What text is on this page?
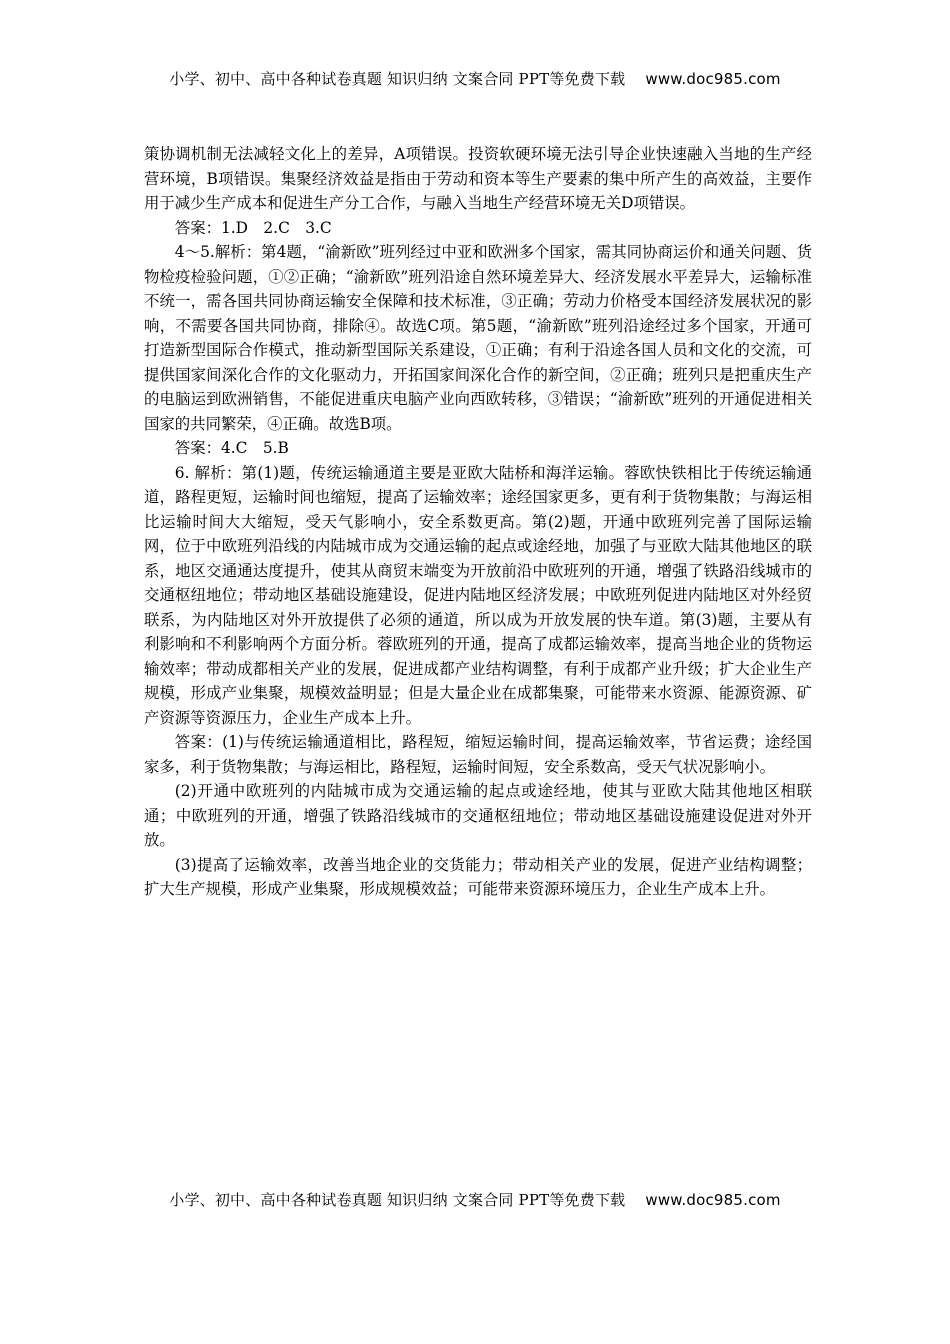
小学、初中、高中各种试卷真题 知识归纳 文案合同 PPT等免费下载 www.doc985.com

策协调机制无法减轻文化上的差异，A项错误。投资软硬环境无法引导企业快速融入当地的生产经营环境，B项错误。集聚经济效益是指由于劳动和资本等生产要素的集中所产生的高效益，主要作用于减少生产成本和促进生产分工合作，与融入当地生产经营环境无关D项错误。

答案：1.D　2.C　3.C

4～5.解析：第4题，“渝新欧”班列经过中亚和欧洲多个国家，需其同协商运价和通关问题、货物检疫检验问题，①②正确；“渝新欧”班列沿途自然环境差异大、经济发展水平差异大，运输标准不统一，需各国共同协商运输安全保障和技术标准，③正确；劳动力价格受本国经济发展状况的影响，不需要各国共同协商，排除④。故选C项。第5题，“渝新欧”班列沿途经过多个国家，开通可打造新型国际合作模式，推动新型国际关系建设，①正确；有利于沿途各国人员和文化的交流，可提供国家间深化合作的文化驱动力，开拓国家间深化合作的新空间，②正确；班列只是把重庆生产的电脑运到欧洲销售，不能促进重庆电脑产业向西欧转移，③错误；“渝新欧”班列的开通促进相关国家的共同繁荣，④正确。故选B项。

答案：4.C　5.B

6. 解析：第(1)题，传统运输通道主要是亚欧大陆桥和海洋运输。蓉欧快铁相比于传统运输通道，路程更短，运输时间也缩短，提高了运输效率；途经国家更多，更有利于货物集散；与海运相比运输时间大大缩短，受天气影响小，安全系数更高。第(2)题，开通中欧班列完善了国际运输网，位于中欧班列沿线的内陆城市成为交通运输的起点或途经地，加强了与亚欧大陆其他地区的联系，地区交通通达度提升，使其从商贸末端变为开放前沿中欧班列的开通，增强了铁路沿线城市的交通枢纽地位；带动地区基础设施建设，促进内陆地区经济发展；中欧班列促进内陆地区对外经贸联系，为内陆地区对外开放提供了必须的通道，所以成为开放发展的快车道。第(3)题，主要从有利影响和不利影响两个方面分析。蓉欧班列的开通，提高了成都运输效率，提高当地企业的货物运输效率；带动成都相关产业的发展，促进成都产业结构调整，有利于成都产业升级；扩大企业生产规模，形成产业集聚，规模效益明显；但是大量企业在成都集聚，可能带来水资源、能源资源、矿产资源等资源压力，企业生产成本上升。

答案：(1)与传统运输通道相比，路程短，缩短运输时间，提高运输效率，节省运费；途经国家多，利于货物集散；与海运相比，路程短，运输时间短，安全系数高，受天气状况影响小。

(2)开通中欧班列的内陆城市成为交通运输的起点或途经地，使其与亚欧大陆其他地区相联通；中欧班列的开通，增强了铁路沿线城市的交通枢纽地位；带动地区基础设施建设促进对外开放。

(3)提高了运输效率，改善当地企业的交货能力；带动相关产业的发展，促进产业结构调整；扩大生产规模，形成产业集聚，形成规模效益；可能带来资源环境压力，企业生产成本上升。

小学、初中、高中各种试卷真题 知识归纳 文案合同 PPT等免费下载 www.doc985.com
